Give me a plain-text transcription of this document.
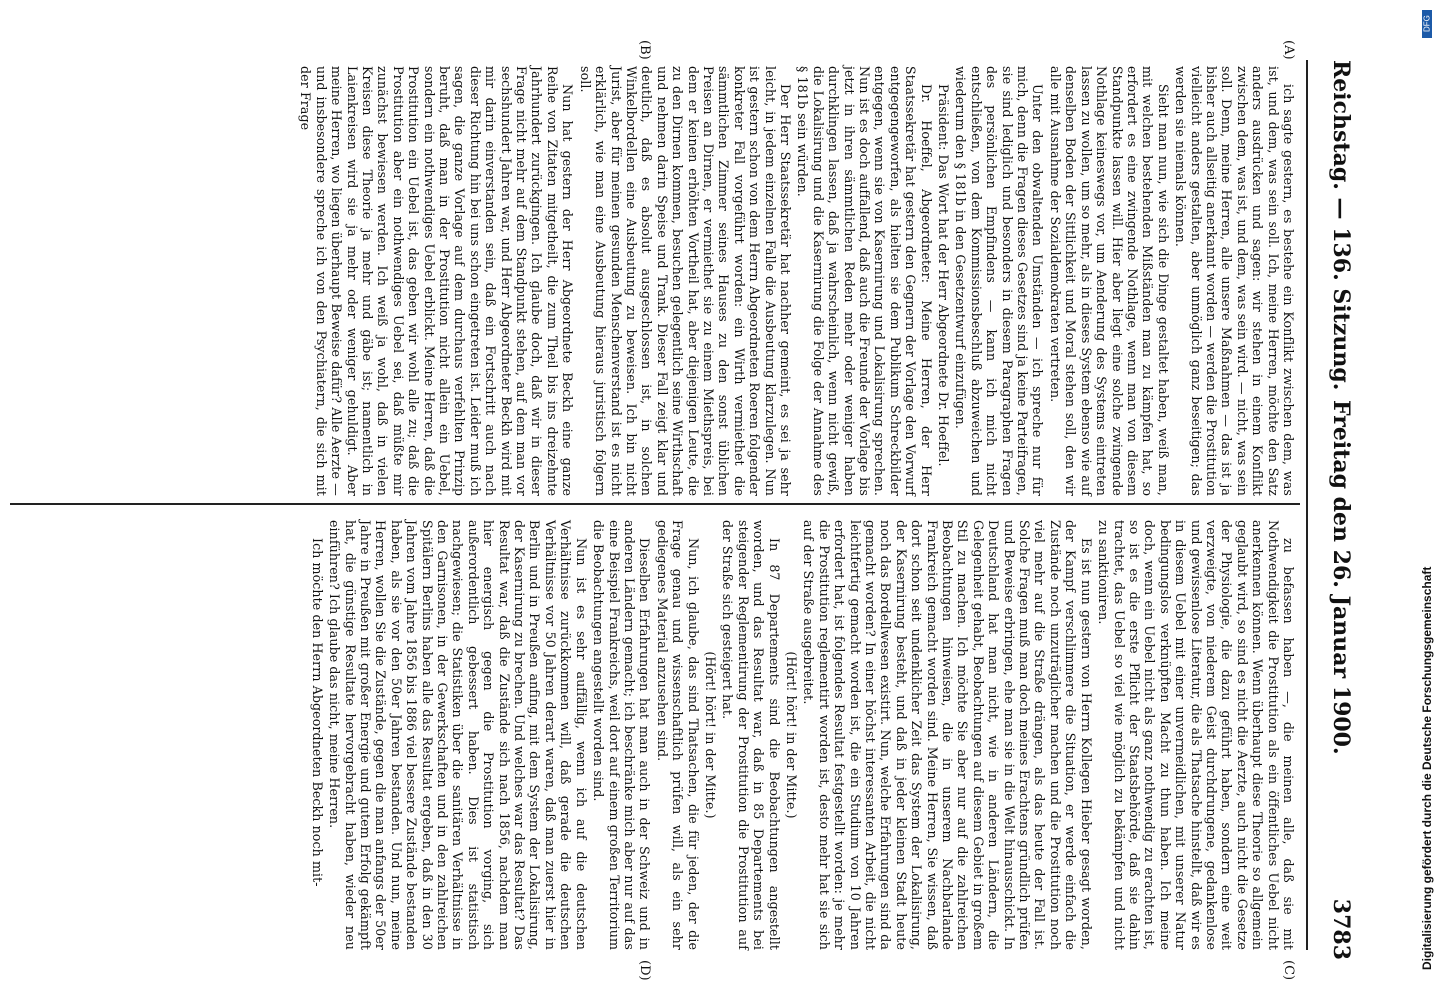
Reichstag. — 136. Sitzung.
Freitag den 26. Januar 1900.
3783
(A)
(B)
(C)
(D)

ich sagte gestern, es bestehe ein Konflikt zwischen dem, was ist, und dem, was sein soll. Ich, meine Herren, möchte den Satz anders ausdrücken und sagen: wir stehen in einem Konflikt zwischen dem, was ist, und dem, was sein wird. — nicht, was sein soll. Denn, meine Herren, alle unsere Maßnahmen — das ist ja bisher auch allseitig anerkannt worden — werden die Prostitution vielleicht anders gestalten, aber unmöglich ganz beseitigen; das werden sie niemals können.

Sieht man nun, wie sich die Dinge gestaltet haben, weiß man, mit welchen bestehenden Mißständen man zu kämpfen hat, so erfordert es eine zwingende Nothlage, wenn man von diesem Standpunkte lassen will. Hier aber liegt eine solche zwingende Nothlage keineswegs vor, um Aenderung des Systems eintreten lassen zu wollen, um so mehr, als in dieses System ebenso wie auf denselben Boden der Sittlichkeit und Moral stehen soll, den wir alle mit Ausnahme der Sozialdemokraten vertreten.

Unter den obwaltenden Umständen — ich spreche nur für mich, denn die Fragen dieses Gesetzes sind ja keine Parteifragen, sie sind lediglich und besonders in diesem Paragraphen Fragen des persönlichen Empfindens — kann ich mich nicht entschließen, von dem Kommissionsbeschluß abzuweichen und wiederum den § 181b in den Gesetzentwurf einzufügen.

Präsident: Das Wort hat der Herr Abgeordnete Dr. Hoeffel.

Dr. Hoeffel, Abgeordneter: Meine Herren, der Herr Staatssekretär hat gestern den Gegnern der Vorlage den Vorwurf entgegengeworfen, als hielten sie dem Publikum Schreckbilder entgegen, wenn sie von Kasernirung und Lokalisirung sprechen. Nun ist es doch auffallend, daß auch die Freunde der Vorlage bis jetzt in ihren sämmtlichen Reden mehr oder weniger haben durchklingen lassen, daß ja wahrscheinlich, wenn nicht gewiß, die Lokalisirung und die Kasernirung die Folge der Annahme des § 181b sein würden.

Der Herr Staatssekretär hat nachher gemeint, es sei ja sehr leicht, in jedem einzelnen Falle die Ausbeutung klarzulegen. Nun ist gestern schon von dem Herrn Abgeordneten Roeren folgender konkreter Fall vorgeführt worden: ein Wirth vermiethet die sämmtlichen Zimmer seines Hauses zu den sonst üblichen Preisen an Dirnen, er vermiethet sie zu einem Miethspreis, bei dem er keinen erhöhten Vortheil hat, aber diejenigen Leute, die zu den Dirnen kommen, besuchen gelegentlich seine Wirthschaft und nehmen darin Speise und Trank. Dieser Fall zeigt klar und deutlich, daß es absolut ausgeschlossen ist, in solchen Winkelbordellen eine Ausbeutung zu beweisen. Ich bin nicht Jurist, aber für meinen gesunden Menschenverstand ist es nicht erklärlich, wie man eine Ausbeutung hieraus juristisch folgern soll.

Nun hat gestern der Herr Abgeordnete Beckh eine ganze Reihe von Zitaten mitgetheilt, die zum Theil bis ins dreizehnte Jahrhundert zurückgingen. Ich glaube doch, daß wir in dieser Frage nicht mehr auf dem Standpunkt stehen, auf dem man vor sechshundert Jahren war, und Herr Abgeordneter Beckh wird mit mir darin einverstanden sein, daß ein Fortschritt auch nach dieser Richtung hin bei uns schon eingetreten ist. Leider muß ich sagen, die ganze Vorlage auf dem durchaus verfehlten Prinzip beruht, daß man in der Prostitution nicht allein ein Uebel, sondern ein nothwendiges Uebel erblickt. Meine Herren, daß die Prostitution ein Uebel ist, das geben wir wohl alle zu; daß die Prostitution aber ein nothwendiges Uebel sei, daß müßte mir zunächst bewiesen werden. Ich weiß ja wohl, daß in vielen Kreisen diese Theorie ja mehr und gäbe ist; namentlich in Laienkreisen wird sie ja mehr oder weniger gehuldigt. Aber meine Herren, wo liegen überhaupt Beweise dafür? Alle Aerzte — und insbesondere spreche ich von den Psychiatern, die sich mit der Frage

zu befassen haben —, die meinen alle, daß sie mit Nothwendigkeit die Prostitution als ein öffentliches Uebel nicht anerkennen können. Wenn überhaupt diese Theorie so allgemein geglaubt wird, so sind es nicht die Aerzte, auch nicht die Gesetze der Physiologie, die dazu geführt haben, sondern eine weit verzweigte, von niederem Geist durchdrungene, gedankenlose und gewissenlose Literatur, die als Thatsache hinstellt, daß wir es in diesem Uebel mit einer unvermeidlichen, mit unserer Natur bedingungslos verknüpften Macht zu thun haben. Ich meine doch, wenn ein Uebel nicht als ganz nothwendig zu erachten ist, so ist es die erste Pflicht der Staatsbehörde, daß sie dahin trachtet, das Uebel so viel wie möglich zu bekämpfen und nicht zu sanktioniren.

Es ist nun gestern von Herrn Kollegen Hieber gesagt worden, der Kampf verschlimmere die Situation, er werde einfach die Zustände noch unzuträglicher machen und die Prostitution noch viel mehr auf die Straße drängen, als das heute der Fall ist. Solche Fragen muß man doch meines Erachtens gründlich prüfen und Beweise erbringen, ehe man sie in die Welt hinausschickt. In Deutschland hat man nicht, wie in anderen Ländern, die Gelegenheit gehabt, Beobachtungen auf diesem Gebiet in großem Stil zu machen. Ich möchte Sie aber nur auf die zahlreichen Beobachtungen hinweisen, die in unserem Nachbarlande Frankreich gemacht worden sind. Meine Herren, Sie wissen, daß dort schon seit undenklicher Zeit das System der Lokalisirung, der Kasernirung besteht, und daß in jeder kleinen Stadt heute noch das Bordellwesen existirt. Nun, welche Erfahrungen sind da gemacht worden? In einer höchst interessanten Arbeit, die nicht leichtfertig gemacht worden ist, die ein Studium von 10 Jahren erfordert hat, ist folgendes Resultat festgestellt worden: je mehr die Prostitution reglementirt worden ist, desto mehr hat sie sich auf der Straße ausgebreitet.

(Hört! hört! in der Mitte.)

In 87 Departements sind die Beobachtungen angestellt worden, und das Resultat war, daß in 85 Departements bei steigender Reglementirung der Prostitution die Prostitution auf der Straße sich gesteigert hat.

(Hört! hört! in der Mitte.)

Nun, ich glaube, das sind Thatsachen, die für jeden, der die Frage genau und wissenschaftlich prüfen will, als ein sehr gediegenes Material anzusehen sind.

Dieselben Erfahrungen hat man auch in der Schweiz und in anderen Ländern gemacht; ich beschränke mich aber nur auf das eine Beispiel Frankreichs, weil dort auf einem großen Territorium die Beobachtungen angestellt worden sind.

Nun ist es sehr auffällig, wenn ich auf die deutschen Verhältnisse zurückkommen will, daß gerade die deutschen Verhältnisse vor 50 Jahren derart waren, daß man zuerst hier in Berlin und in Preußen anfing, mit dem System der Lokalisirung, der Kasernirung zu brechen. Und welches war das Resultat? Das Resultat war, daß die Zustände sich nach 1856, nachdem man hier energisch gegen die Prostitution vorging, sich außerordentlich gebessert haben. Dies ist statistisch nachgewiesen; die Statistiken über die sanitären Verhältnisse in den Garnisonen, in der Gewerkschaften und in den zahlreichen Spitälern Berlins haben alle das Resultat ergeben, daß in den 30 Jahren vom Jahre 1856 bis 1886 viel bessere Zustände bestanden haben, als sie vor den 50er Jahren bestanden. Und nun, meine Herren, wollen Sie die Zustände, gegen die man anfangs der 50er Jahre in Preußen mit großer Energie und gutem Erfolg gekämpft hat, die günstige Resultate hervorgebracht haben, wieder neu einführen? Ich glaube das nicht, meine Herren.

Ich möchte den Herrn Abgeordneten Beckh noch mit-

DFG
Digitalisierung gefördert durch die Deutsche Forschungsgemeinschaft
